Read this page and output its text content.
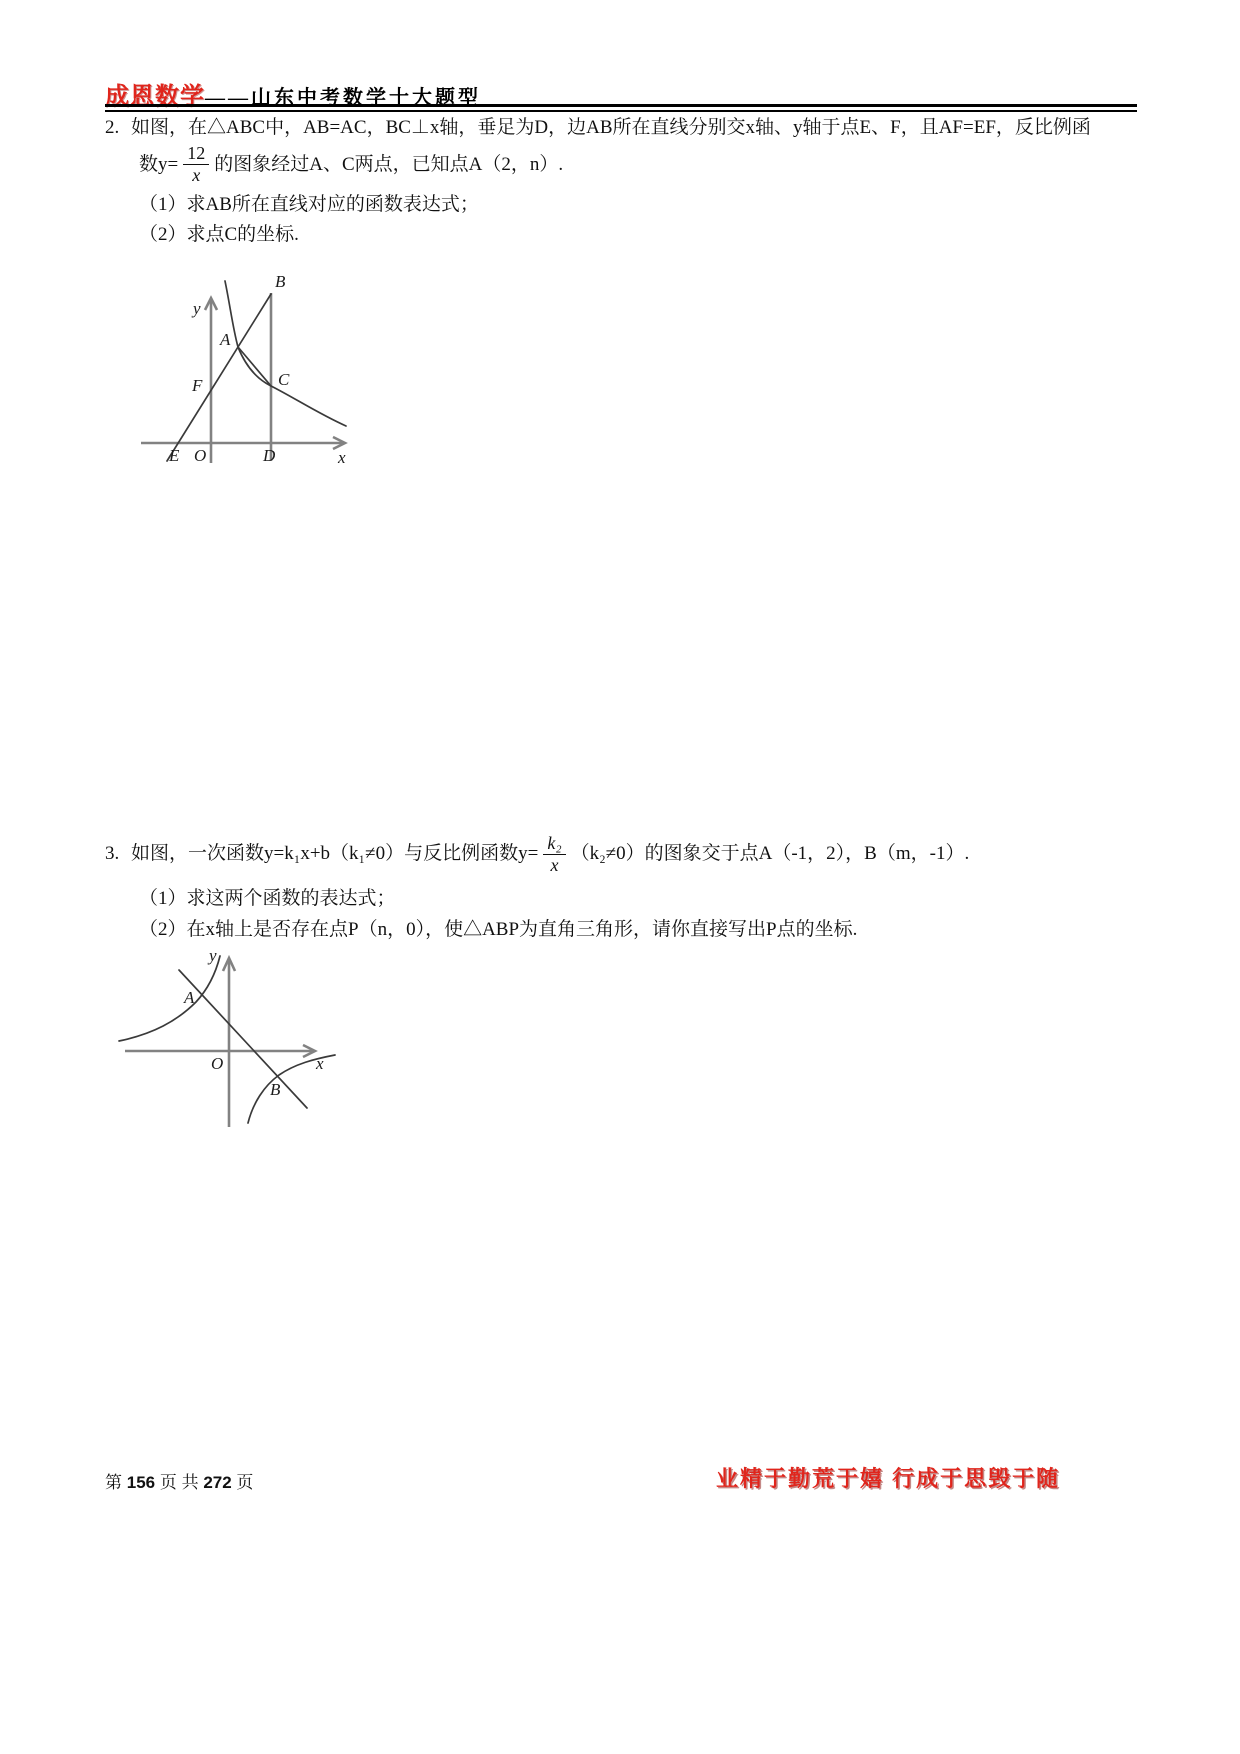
成恩数学——山东中考数学十大题型
2. 如图，在△ABC中，AB=AC，BC⊥x轴，垂足为D，边AB所在直线分别交x轴、y轴于点E、F，且AF=EF，反比例函
数$y= \frac{12}{x}$ 的图象经过A、C两点，已知点A（2，n）.
（1）求AB所在直线对应的函数表达式；
（2）求点C的坐标.
y
B
A
F	C
E O	D	x
3. 如图，一次函数y=k₁x+b（k₁≠0）与反比例函数$y= \frac{\text{k₂}}{x} (k_2\ne 0)$的图象交于点A（-1，2），B（m，-1）.
（1）求这两个函数的表达式；
（2）在x轴上是否存在点P（n，0），使△ABP为直角三角形，请你直接写出P点的坐标.
y
x
O
A
B
第 156 页 共 272 页	业精于勤荒于嬉 行成于思毁于随
